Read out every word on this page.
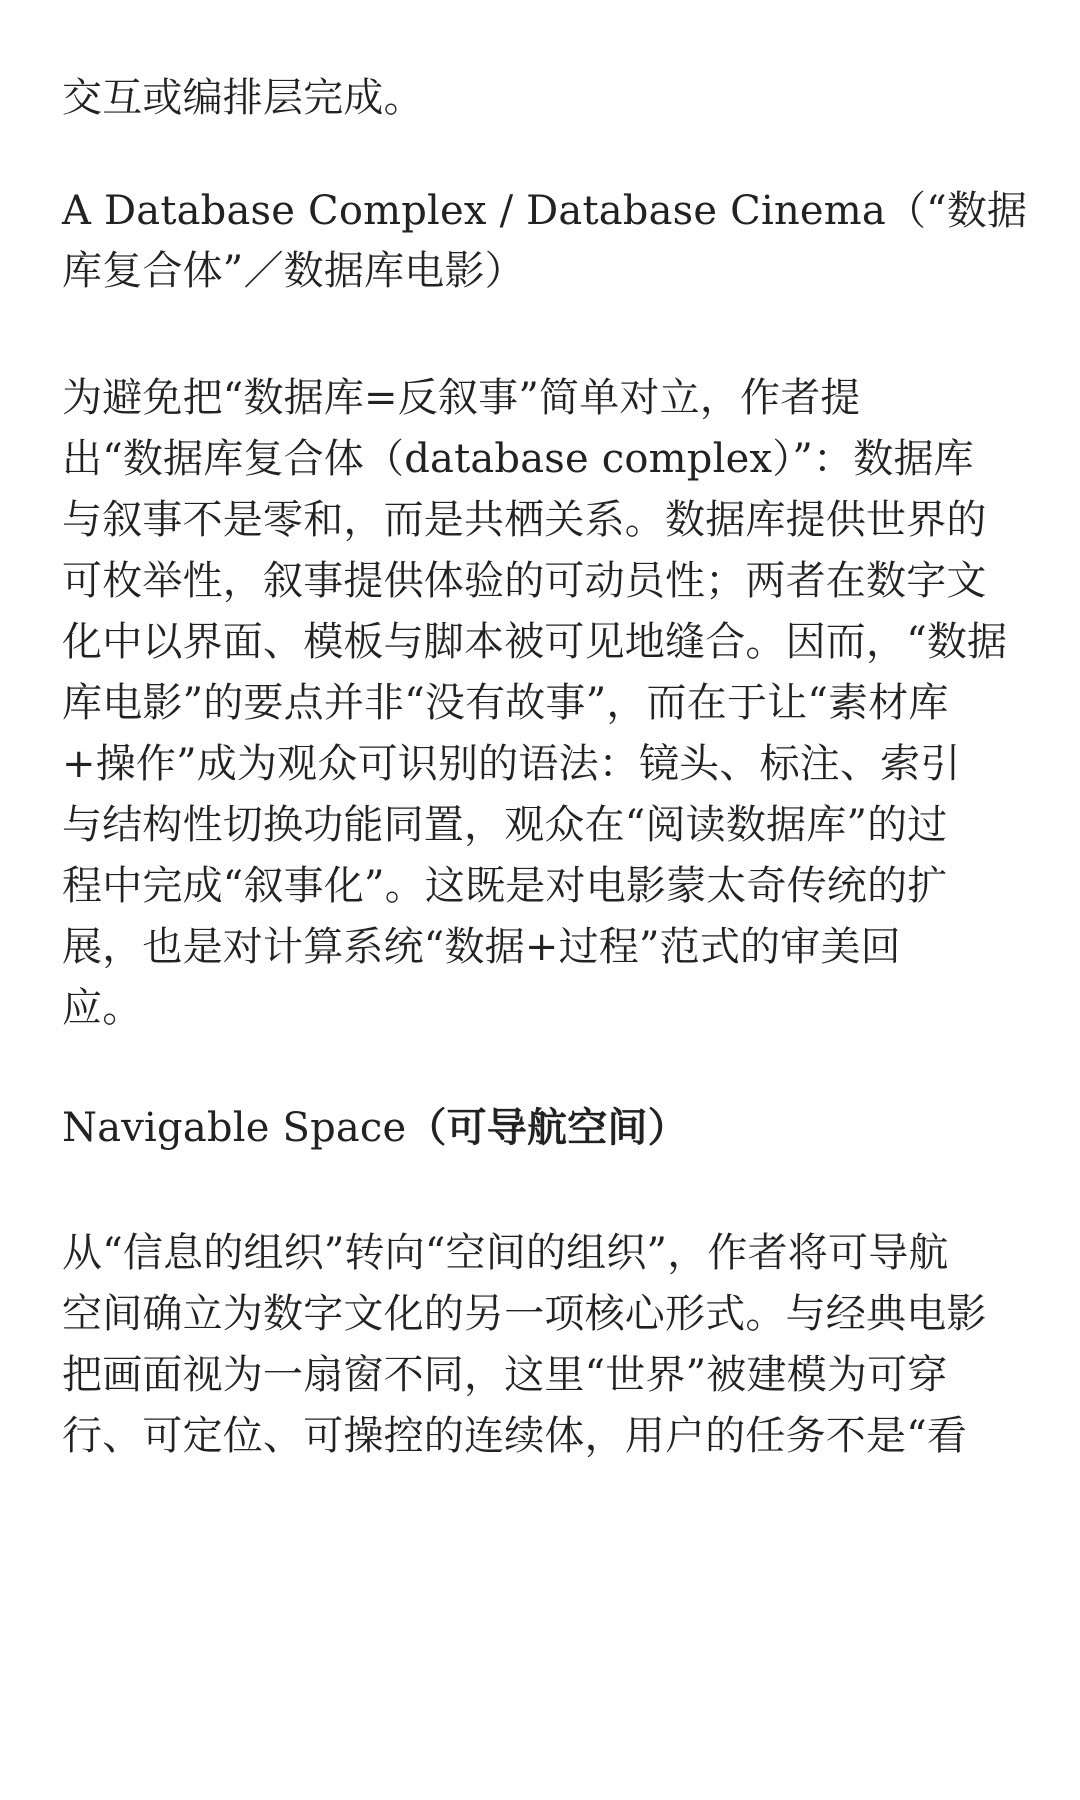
交互或编排层完成。
A Database Complex / Database Cinema（“数据
库复合体”／数据库电影）
为避免把“数据库=反叙事”简单对立，作者提
出“数据库复合体（database complex）”：数据库
与叙事不是零和，而是共栖关系。数据库提供世界的
可枚举性，叙事提供体验的可动员性；两者在数字文
化中以界面、模板与脚本被可见地缝合。因而，“数据
库电影”的要点并非“没有故事”，而在于让“素材库
+操作”成为观众可识别的语法：镜头、标注、索引
与结构性切换功能同置，观众在“阅读数据库”的过
程中完成“叙事化”。这既是对电影蒙太奇传统的扩
展，也是对计算系统“数据+过程”范式的审美回
应。
Navigable Space（可导航空间）
从“信息的组织”转向“空间的组织”，作者将可导航
空间确立为数字文化的另一项核心形式。与经典电影
把画面视为一扇窗不同，这里“世界”被建模为可穿
行、可定位、可操控的连续体，用户的任务不是“看
